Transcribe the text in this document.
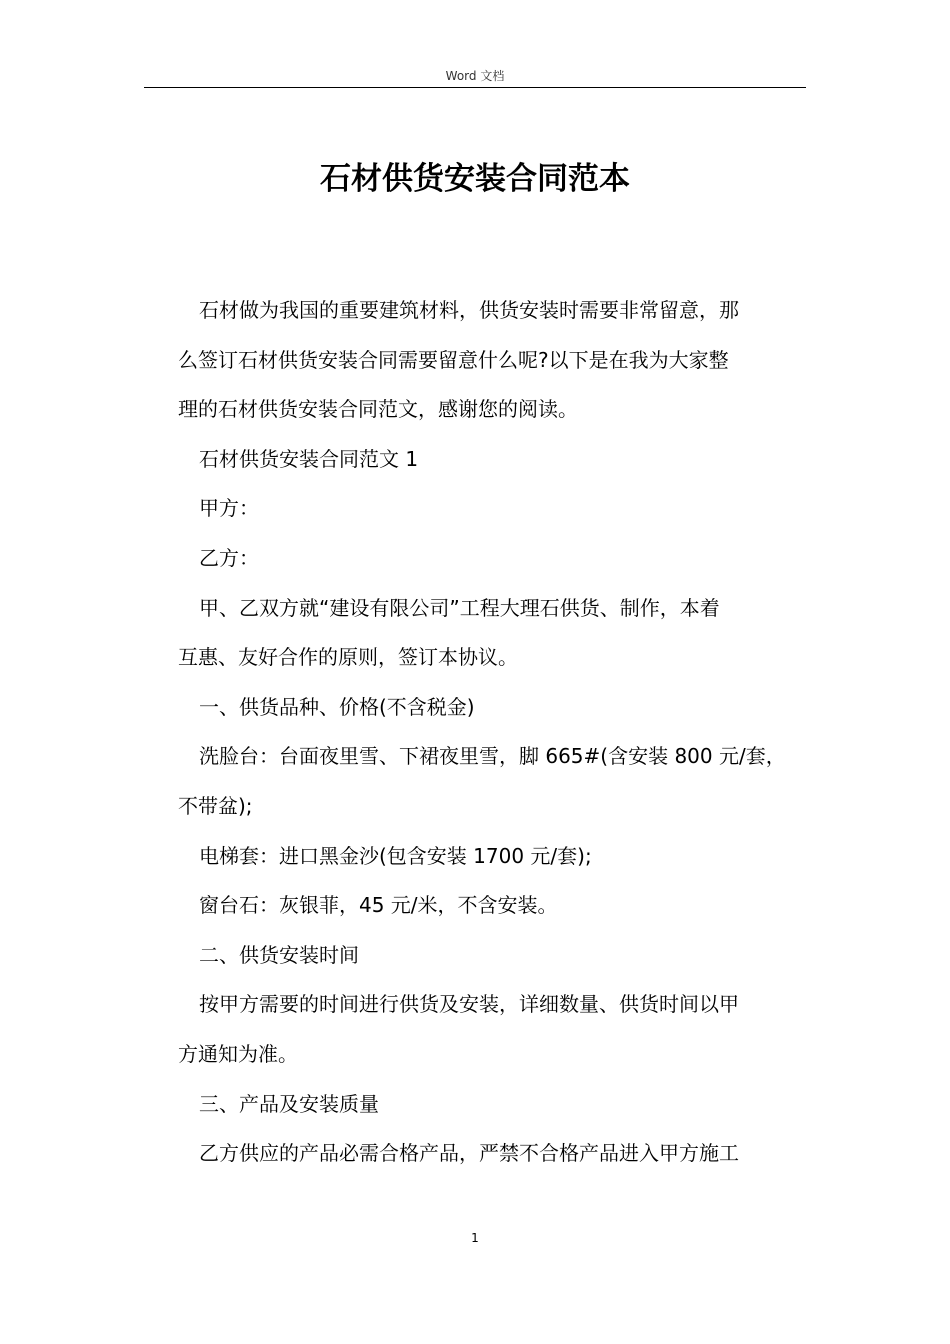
Word 文档
石材供货安装合同范本

石材做为我国的重要建筑材料，供货安装时需要非常留意，那

么签订石材供货安装合同需要留意什么呢?以下是在我为大家整

理的石材供货安装合同范文，感谢您的阅读。

石材供货安装合同范文 1

甲方：

乙方：

甲、乙双方就“建设有限公司”工程大理石供货、制作，本着

互惠、友好合作的原则，签订本协议。

一、供货品种、价格(不含税金)

洗脸台：台面夜里雪、下裙夜里雪，脚 665#(含安装 800 元/套，

不带盆);

电梯套：进口黑金沙(包含安装 1700 元/套);

窗台石：灰银菲，45 元/米，不含安装。

二、供货安装时间

按甲方需要的时间进行供货及安装，详细数量、供货时间以甲

方通知为准。

三、产品及安装质量

乙方供应的产品必需合格产品，严禁不合格产品进入甲方施工

1
